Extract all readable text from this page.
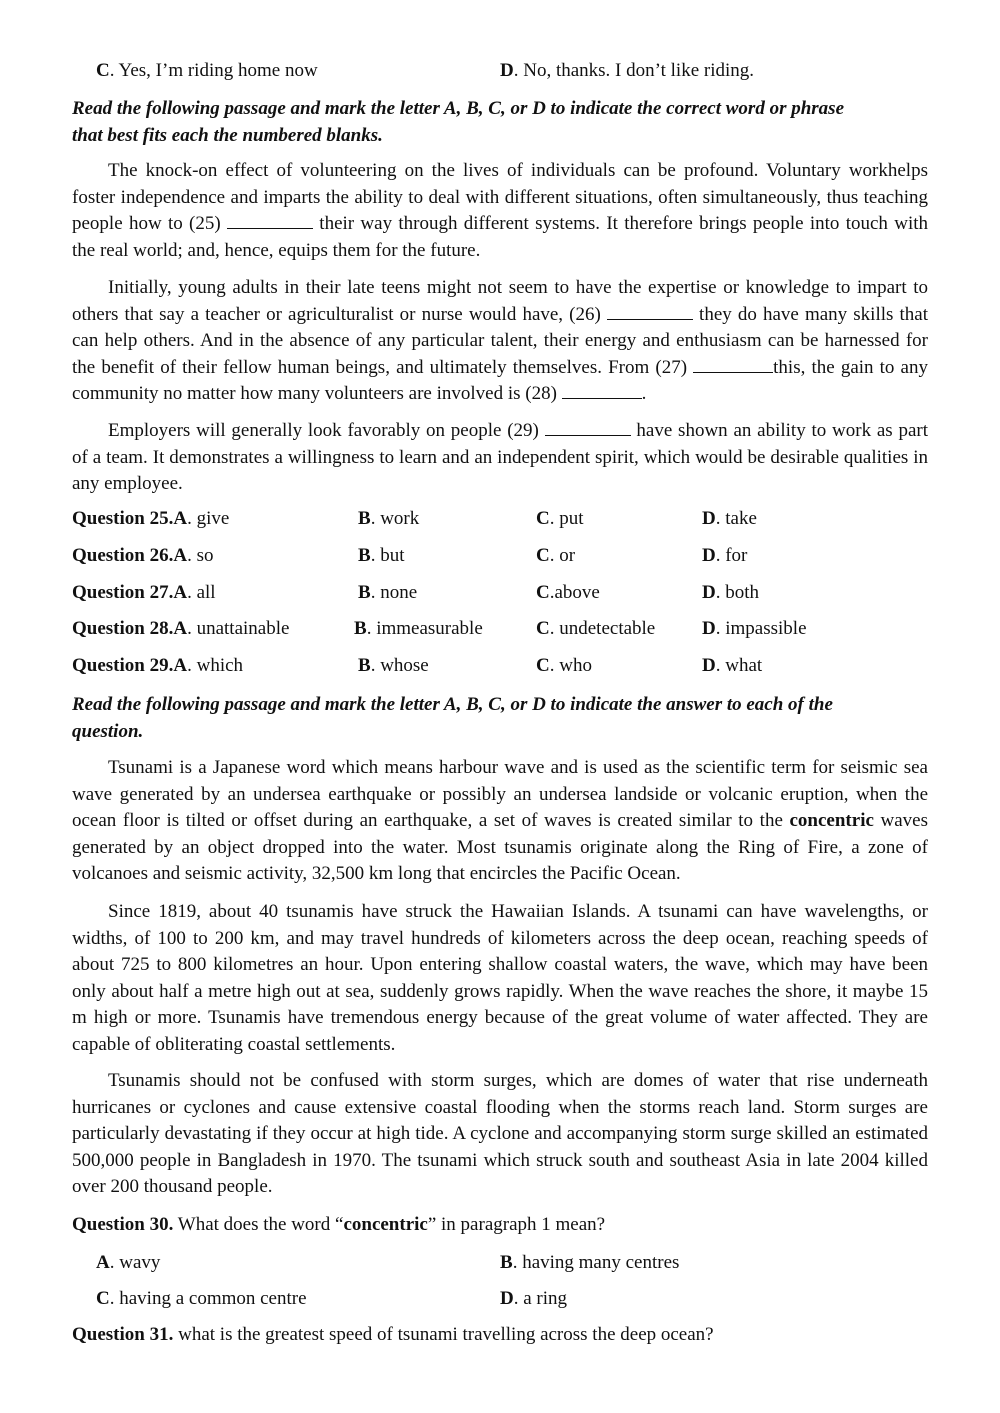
C. Yes, I’m riding home now	D. No, thanks. I don’t like riding.
Read the following passage and mark the letter A, B, C, or D to indicate the correct word or phrase
that best fits each the numbered blanks.
The knock-on effect of volunteering on the lives of individuals can be profound. Voluntary workhelps foster independence and imparts the ability to deal with different situations, often simultaneously, thus teaching people how to (25)	their way through different systems. It therefore brings people into touch with the real world; and, hence, equips them for the future.
Initially, young adults in their late teens might not seem to have the expertise or knowledge to impart to others that say a teacher or agriculturalist or nurse would have, (26)	they do have many skills that can help others. And in the absence of any particular talent, their energy and enthusiasm can be harnessed for the benefit of their fellow human beings, and ultimately themselves. From (27)	this, the gain to any community no matter how many volunteers are involved is (28)	.
Employers will generally look favorably on people (29)	have shown an ability to work as part of a team. It demonstrates a willingness to learn and an independent spirit, which would be desirable qualities in any employee.
Question 25.A. give	B. work	C. put	D. take
Question 26.A. so	B. but	C. or	D. for
Question 27.A. all	B. none	C.above	D. both
Question 28.A. unattainable	B. immeasurable	C. undetectable D. impassible
Question 29.A. which	B. whose	C. who	D. what
Read the following passage and mark the letter A, B, C, or D to indicate the answer to each of the
question.
Tsunami is a Japanese word which means harbour wave and is used as the scientific term for seismic sea wave generated by an undersea earthquake or possibly an undersea landside or volcanic eruption, when the ocean floor is tilted or offset during an earthquake, a set of waves is created similar to the concentric waves generated by an object dropped into the water. Most tsunamis originate along the Ring of Fire, a zone of volcanoes and seismic activity, 32,500 km long that encircles the Pacific Ocean.
Since 1819, about 40 tsunamis have struck the Hawaiian Islands. A tsunami can have wavelengths, or widths, of 100 to 200 km, and may travel hundreds of kilometers across the deep ocean, reaching speeds of about 725 to 800 kilometres an hour. Upon entering shallow coastal waters, the wave, which may have been only about half a metre high out at sea, suddenly grows rapidly. When the wave reaches the shore, it maybe 15 m high or more. Tsunamis have tremendous energy because of the great volume of water affected. They are capable of obliterating coastal settlements.
Tsunamis should not be confused with storm surges, which are domes of water that rise underneath hurricanes or cyclones and cause extensive coastal flooding when the storms reach land. Storm surges are particularly devastating if they occur at high tide. A cyclone and accompanying storm surge skilled an estimated 500,000 people in Bangladesh in 1970. The tsunami which struck south and southeast Asia in late 2004 killed over 200 thousand people.
Question 30. What does the word “concentric” in paragraph 1 mean?
A. wavy	B. having many centres
C. having a common centre	D. a ring
Question 31. what is the greatest speed of tsunami travelling across the deep ocean?
